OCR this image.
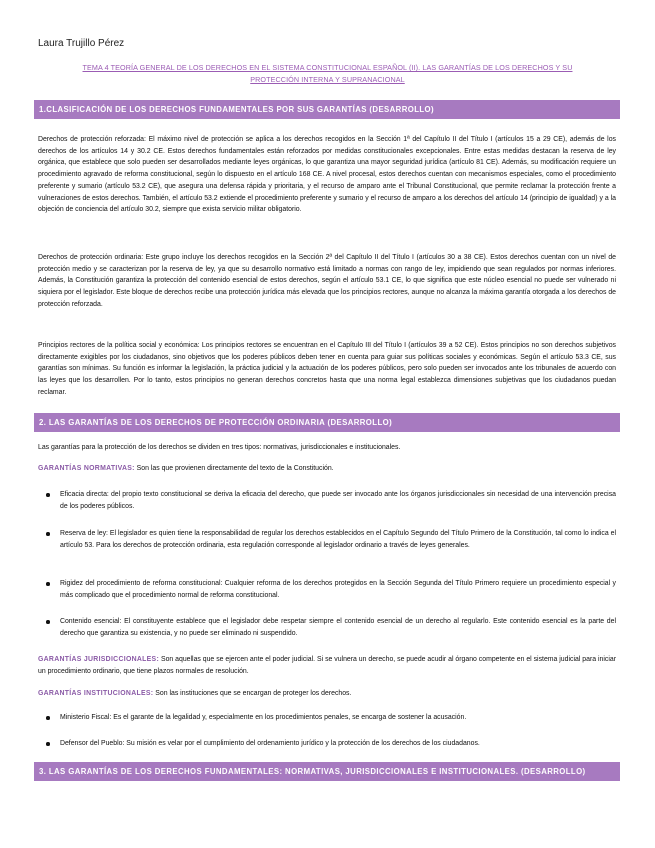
Laura Trujillo Pérez
TEMA 4 TEORÍA GENERAL DE LOS DERECHOS EN EL SISTEMA CONSTITUCIONAL ESPAÑOL (II). LAS GARANTÍAS DE LOS DERECHOS Y SU PROTECCIÓN INTERNA Y SUPRANACIONAL
1.CLASIFICACIÓN DE LOS DERECHOS FUNDAMENTALES POR SUS GARANTÍAS (DESARROLLO)
Derechos de protección reforzada: El máximo nivel de protección se aplica a los derechos recogidos en la Sección 1ª del Capítulo II del Título I (artículos 15 a 29 CE), además de los derechos de los artículos 14 y 30.2 CE. Estos derechos fundamentales están reforzados por medidas constitucionales excepcionales. Entre estas medidas destacan la reserva de ley orgánica, que establece que solo pueden ser desarrollados mediante leyes orgánicas, lo que garantiza una mayor seguridad jurídica (artículo 81 CE). Además, su modificación requiere un procedimiento agravado de reforma constitucional, según lo dispuesto en el artículo 168 CE. A nivel procesal, estos derechos cuentan con mecanismos especiales, como el procedimiento preferente y sumario (artículo 53.2 CE), que asegura una defensa rápida y prioritaria, y el recurso de amparo ante el Tribunal Constitucional, que permite reclamar la protección frente a vulneraciones de estos derechos. También, el artículo 53.2 extiende el procedimiento preferente y sumario y el recurso de amparo a los derechos del artículo 14 (principio de igualdad) y a la objeción de conciencia del artículo 30.2, siempre que exista servicio militar obligatorio.
Derechos de protección ordinaria: Este grupo incluye los derechos recogidos en la Sección 2ª del Capítulo II del Título I (artículos 30 a 38 CE). Estos derechos cuentan con un nivel de protección medio y se caracterizan por la reserva de ley, ya que su desarrollo normativo está limitado a normas con rango de ley, impidiendo que sean regulados por normas inferiores. Además, la Constitución garantiza la protección del contenido esencial de estos derechos, según el artículo 53.1 CE, lo que significa que este núcleo esencial no puede ser vulnerado ni siquiera por el legislador. Este bloque de derechos recibe una protección jurídica más elevada que los principios rectores, aunque no alcanza la máxima garantía otorgada a los derechos de protección reforzada.
Principios rectores de la política social y económica: Los principios rectores se encuentran en el Capítulo III del Título I (artículos 39 a 52 CE). Estos principios no son derechos subjetivos directamente exigibles por los ciudadanos, sino objetivos que los poderes públicos deben tener en cuenta para guiar sus políticas sociales y económicas. Según el artículo 53.3 CE, sus garantías son mínimas. Su función es informar la legislación, la práctica judicial y la actuación de los poderes públicos, pero solo pueden ser invocados ante los tribunales de acuerdo con las leyes que los desarrollen. Por lo tanto, estos principios no generan derechos concretos hasta que una norma legal establezca dimensiones subjetivas que los ciudadanos puedan reclamar.
2. LAS GARANTÍAS DE LOS DERECHOS DE PROTECCIÓN ORDINARIA (DESARROLLO)
Las garantías para la protección de los derechos se dividen en tres tipos: normativas, jurisdiccionales e institucionales.
GARANTÍAS NORMATIVAS: Son las que provienen directamente del texto de la Constitución.
Eficacia directa: del propio texto constitucional se deriva la eficacia del derecho, que puede ser invocado ante los órganos jurisdiccionales sin necesidad de una intervención precisa de los poderes públicos.
Reserva de ley: El legislador es quien tiene la responsabilidad de regular los derechos establecidos en el Capítulo Segundo del Título Primero de la Constitución, tal como lo indica el artículo 53. Para los derechos de protección ordinaria, esta regulación corresponde al legislador ordinario a través de leyes generales.
Rigidez del procedimiento de reforma constitucional: Cualquier reforma de los derechos protegidos en la Sección Segunda del Título Primero requiere un procedimiento especial y más complicado que el procedimiento normal de reforma constitucional.
Contenido esencial: El constituyente establece que el legislador debe respetar siempre el contenido esencial de un derecho al regularlo. Este contenido esencial es la parte del derecho que garantiza su existencia, y no puede ser eliminado ni suspendido.
GARANTÍAS JURISDICCIONALES: Son aquellas que se ejercen ante el poder judicial. Si se vulnera un derecho, se puede acudir al órgano competente en el sistema judicial para iniciar un procedimiento ordinario, que tiene plazos normales de resolución.
GARANTÍAS INSTITUCIONALES: Son las instituciones que se encargan de proteger los derechos.
Ministerio Fiscal: Es el garante de la legalidad y, especialmente en los procedimientos penales, se encarga de sostener la acusación.
Defensor del Pueblo: Su misión es velar por el cumplimiento del ordenamiento jurídico y la protección de los derechos de los ciudadanos.
3. LAS GARANTÍAS DE LOS DERECHOS FUNDAMENTALES: NORMATIVAS, JURISDICCIONALES E INSTITUCIONALES. (DESARROLLO)
